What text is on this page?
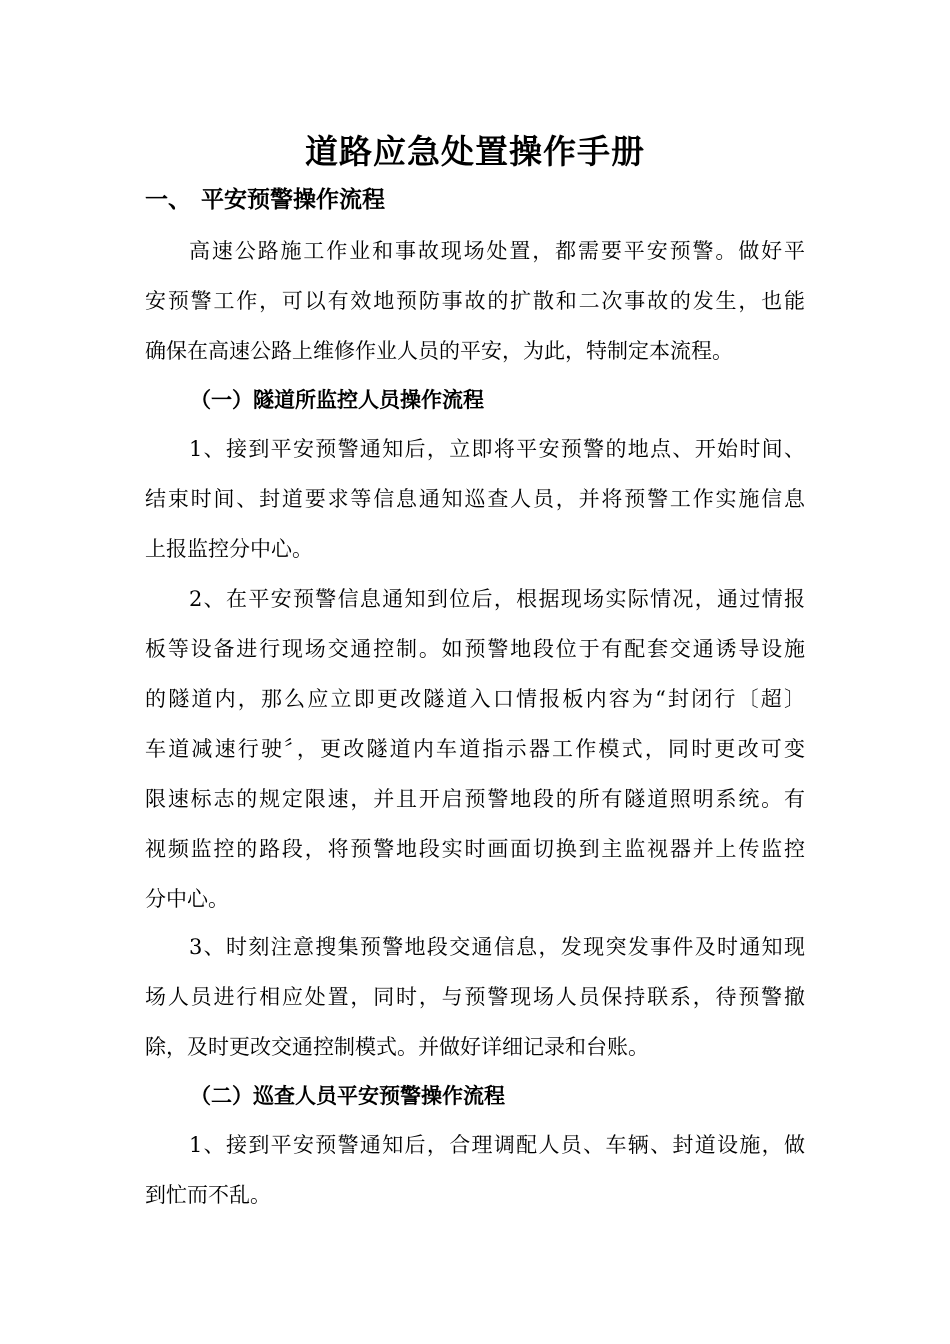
道路应急处置操作手册
一、 平安预警操作流程
高速公路施工作业和事故现场处置，都需要平安预警。做好平
安预警工作，可以有效地预防事故的扩散和二次事故的发生，也能
确保在高速公路上维修作业人员的平安，为此，特制定本流程。
（一）隧道所监控人员操作流程
1、接到平安预警通知后，立即将平安预警的地点、开始时间、
结束时间、封道要求等信息通知巡查人员，并将预警工作实施信息
上报监控分中心。
2、在平安预警信息通知到位后，根据现场实际情况，通过情报
板等设备进行现场交通控制。如预警地段位于有配套交通诱导设施
的隧道内，那么应立即更改隧道入口情报板内容为“封闭行〔超〕
车道减速行驶〞，更改隧道内车道指示器工作模式，同时更改可变
限速标志的规定限速，并且开启预警地段的所有隧道照明系统。有
视频监控的路段，将预警地段实时画面切换到主监视器并上传监控
分中心。
3、时刻注意搜集预警地段交通信息，发现突发事件及时通知现
场人员进行相应处置，同时，与预警现场人员保持联系，待预警撤
除，及时更改交通控制模式。并做好详细记录和台账。
（二）巡查人员平安预警操作流程
1、接到平安预警通知后，合理调配人员、车辆、封道设施，做
到忙而不乱。
